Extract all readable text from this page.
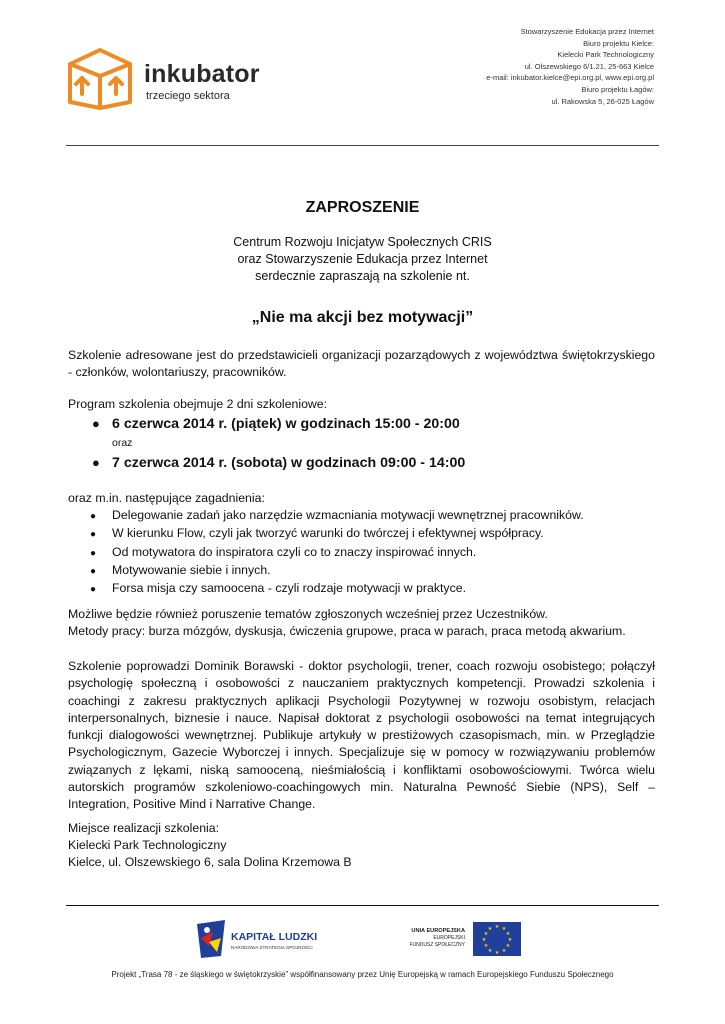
inkubator
trzeciego sektora
Stowarzyszenie Edukacja przez Internet
Biuro projektu Kielce:
Kielecki Park Technologiczny
ul. Olszewskiego 6/1.21, 25-663 Kielce
e-mail: inkubator.kielce@epi.org.pl, www.epi.org.pl
Biuro projektu Łagów:
ul. Rakowska 5, 26-025 Łagów
ZAPROSZENIE
Centrum Rozwoju Inicjatyw Społecznych CRIS
oraz Stowarzyszenie Edukacja przez Internet
serdecznie zapraszają na szkolenie nt.
„Nie ma akcji bez motywacji”
Szkolenie adresowane jest do przedstawicieli organizacji pozarządowych z województwa świętokrzyskiego - członków, wolontariuszy, pracowników.
Program szkolenia obejmuje 2 dni szkoleniowe:
● 6 czerwca 2014 r. (piątek) w godzinach 15:00 - 20:00
oraz
● 7 czerwca 2014 r. (sobota) w godzinach 09:00 - 14:00
oraz m.in. następujące zagadnienia:
● Delegowanie zadań jako narzędzie wzmacniania motywacji wewnętrznej pracowników.
● W kierunku Flow, czyli jak tworzyć warunki do twórczej i efektywnej współpracy.
● Od motywatora do inspiratora czyli co to znaczy inspirować innych.
● Motywowanie siebie i innych.
● Forsa misja czy samoocena - czyli rodzaje motywacji w praktyce.
Możliwe będzie również poruszenie tematów zgłoszonych wcześniej przez Uczestników.
Metody pracy: burza mózgów, dyskusja, ćwiczenia grupowe, praca w parach, praca metodą akwarium.
Szkolenie poprowadzi Dominik Borawski - doktor psychologii, trener, coach rozwoju osobistego; połączył psychologię społeczną i osobowości z nauczaniem praktycznych kompetencji. Prowadzi szkolenia i coachingi z zakresu praktycznych aplikacji Psychologii Pozytywnej w rozwoju osobistym, relacjach interpersonalnych, biznesie i nauce. Napisał doktorat z psychologii osobowości na temat integrujących funkcji dialogowości wewnętrznej. Publikuje artykuły w prestiżowych czasopismach, min. w Przeglądzie Psychologicznym, Gazecie Wyborczej i innych. Specjalizuje się w pomocy w rozwiązywaniu problemów związanych z lękami, niską samooceną, nieśmiałością i konfliktami osobowościowymi. Twórca wielu autorskich programów szkoleniowo-coachingowych min. Naturalna Pewność Siebie (NPS), Self – Integration, Positive Mind i Narrative Change.
Miejsce realizacji szkolenia:
Kielecki Park Technologiczny
Kielce, ul. Olszewskiego 6, sala Dolina Krzemowa B
KAPITAŁ LUDZKI
NARODOWA STRATEGIA SPÓJNOŚCI
UNIA EUROPEJSKA
EUROPEJSKI
FUNDUSZ SPOŁECZNY
★ ★
★
★
★
★
★
★
★
★
★
★
Projekt „Trasa 78 - ze śląskiego w świętokrzyskie” współfinansowany przez Unię Europejską w ramach Europejskiego Funduszu Społecznego
